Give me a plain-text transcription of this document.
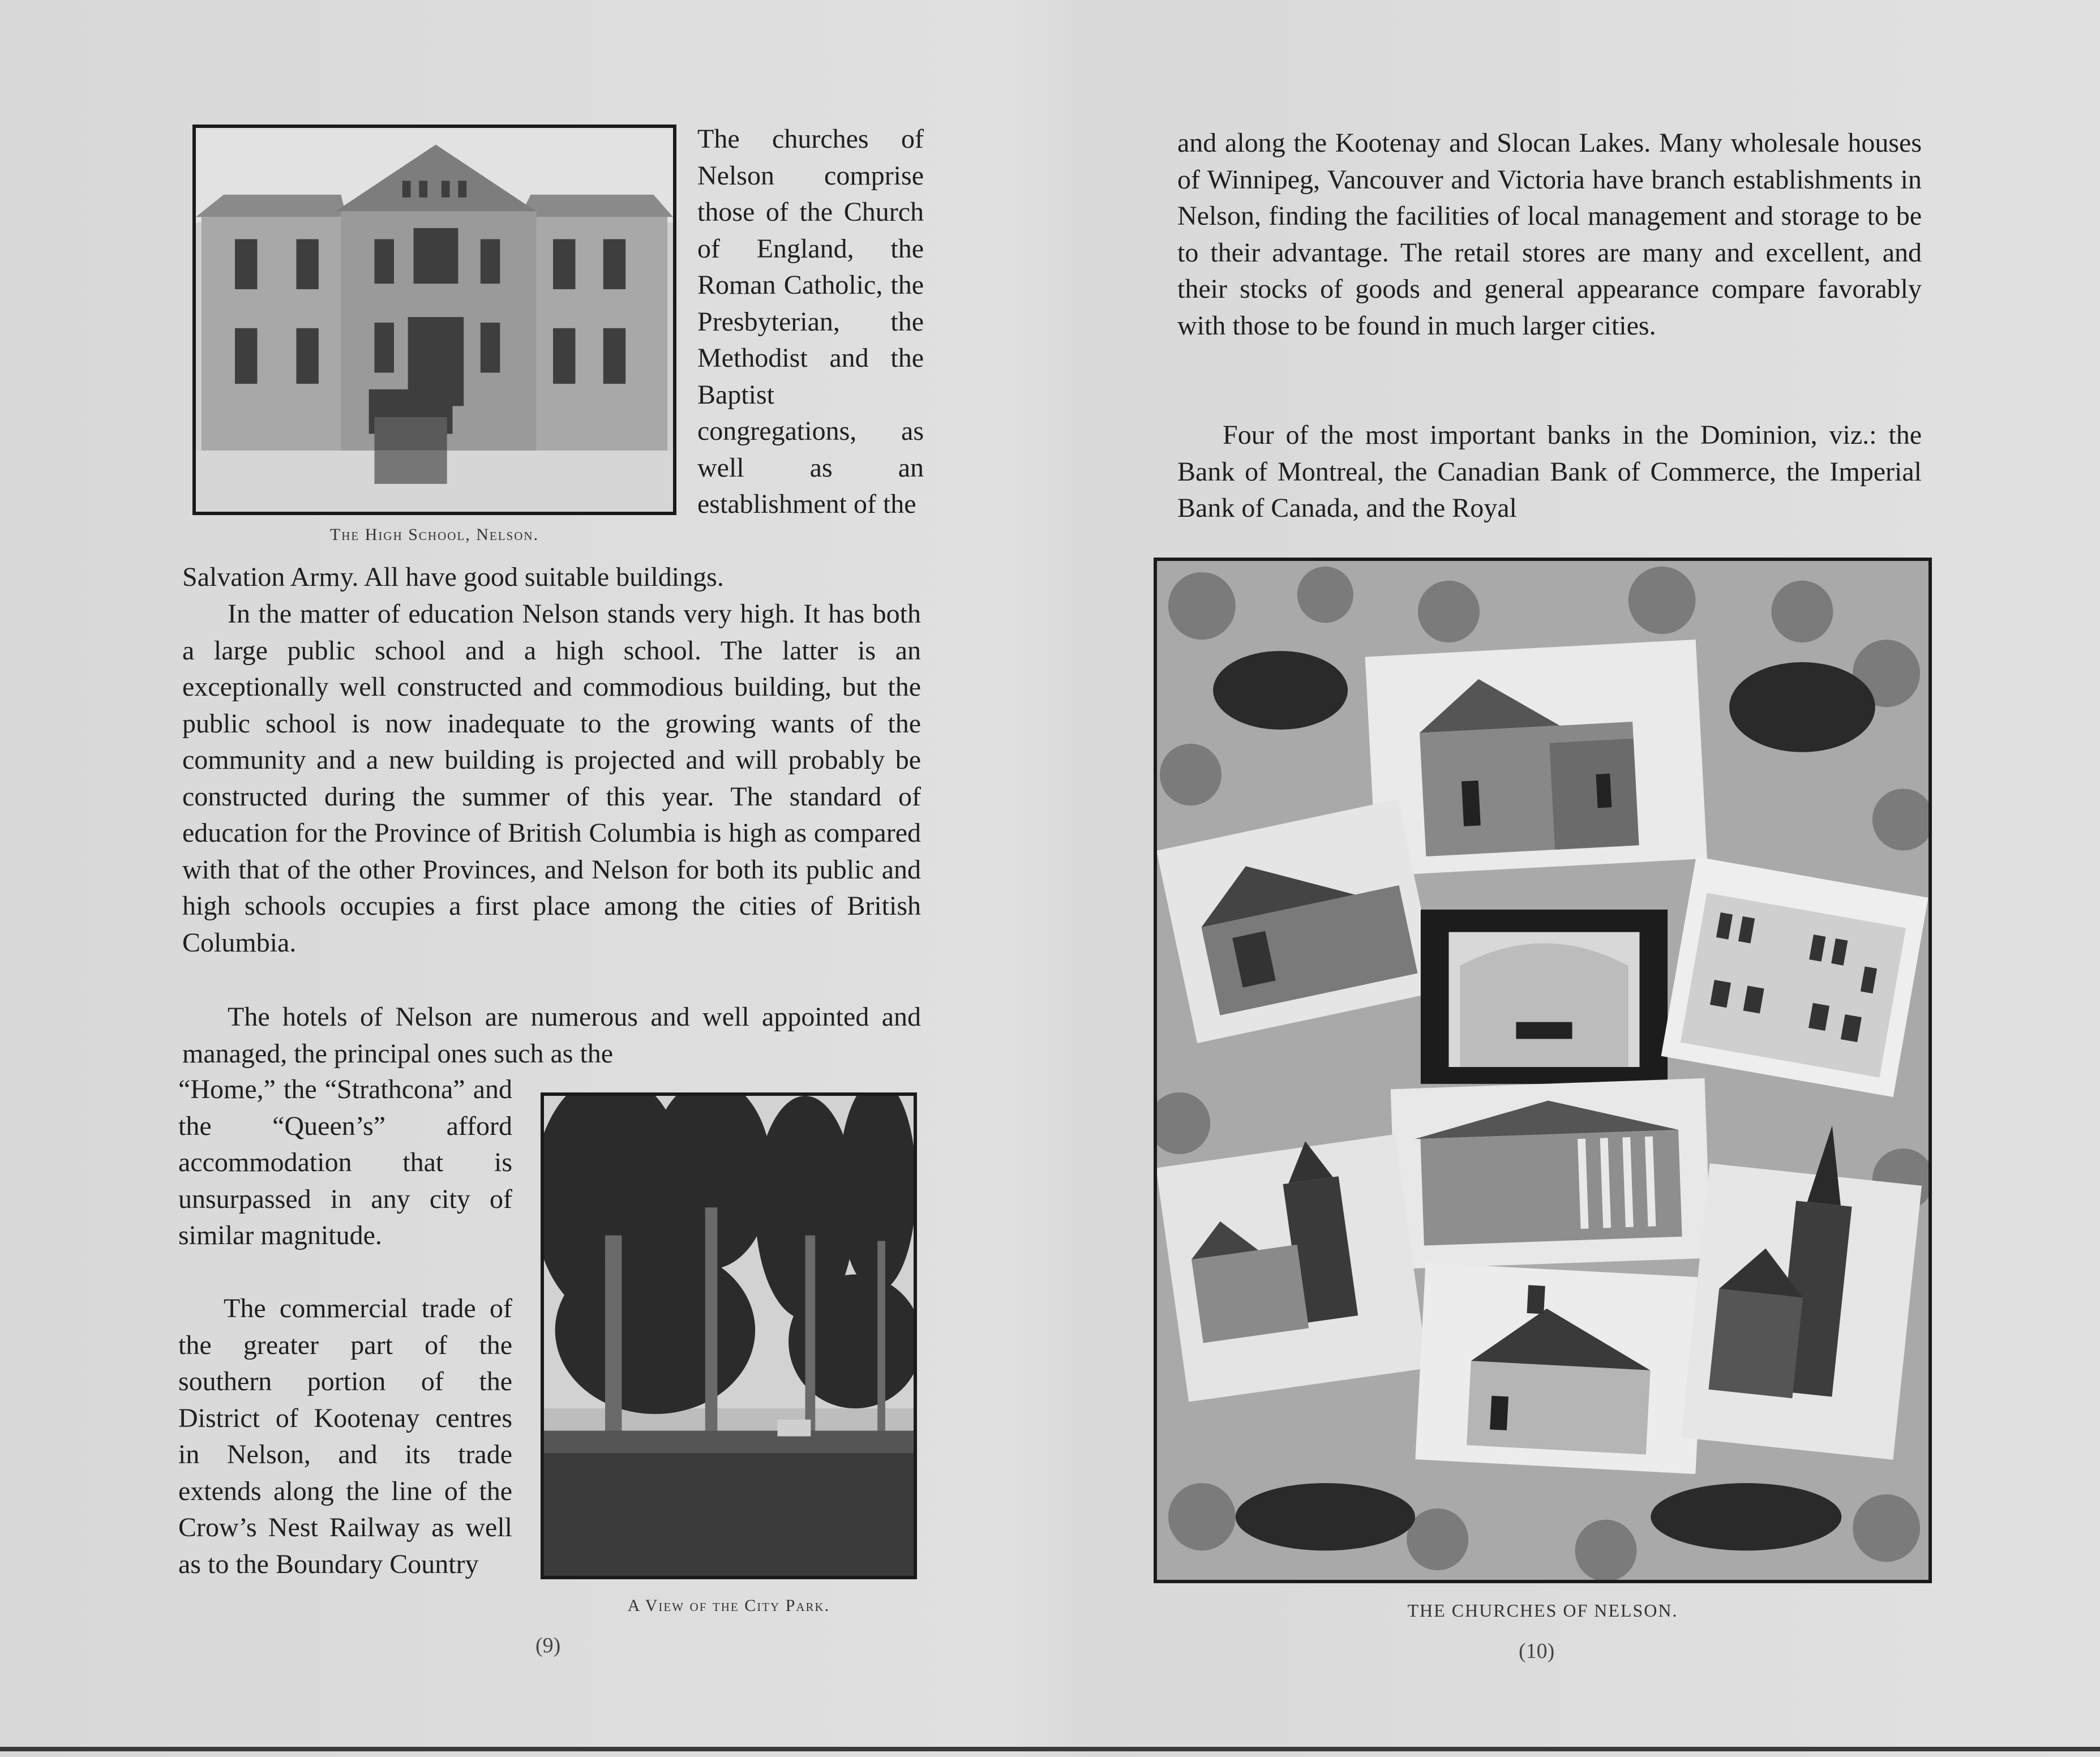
The High School, Nelson.

The churches of Nelson comprise those of the Church of England, the Roman Catholic, the Presbyterian, the Methodist and the Baptist congregations, as well as an establishment of the

Salvation Army. All have good suitable buildings.

In the matter of education Nelson stands very high. It has both a large public school and a high school. The latter is an exceptionally well constructed and commodious building, but the public school is now inadequate to the growing wants of the community and a new building is projected and will probably be constructed during the summer of this year. The standard of education for the Province of British Columbia is high as compared with that of the other Provinces, and Nelson for both its public and high schools occupies a first place among the cities of British Columbia.

The hotels of Nelson are numerous and well appointed and managed, the principal ones such as the

“Home,” the “Strathcona” and the “Queen’s” afford accommodation that is unsurpassed in any city of similar magnitude.

The commercial trade of the greater part of the southern portion of the District of Kootenay centres in Nelson, and its trade extends along the line of the Crow’s Nest Railway as well as to the Boundary Country

A View of the City Park.
(9)

and along the Kootenay and Slocan Lakes. Many wholesale houses of Winnipeg, Vancouver and Victoria have branch establishments in Nelson, finding the facilities of local management and storage to be to their advantage. The retail stores are many and excellent, and their stocks of goods and general appearance compare favorably with those to be found in much larger cities.

Four of the most important banks in the Dominion, viz.: the Bank of Montreal, the Canadian Bank of Commerce, the Imperial Bank of Canada, and the Royal

THE CHURCHES OF NELSON.
(10)
